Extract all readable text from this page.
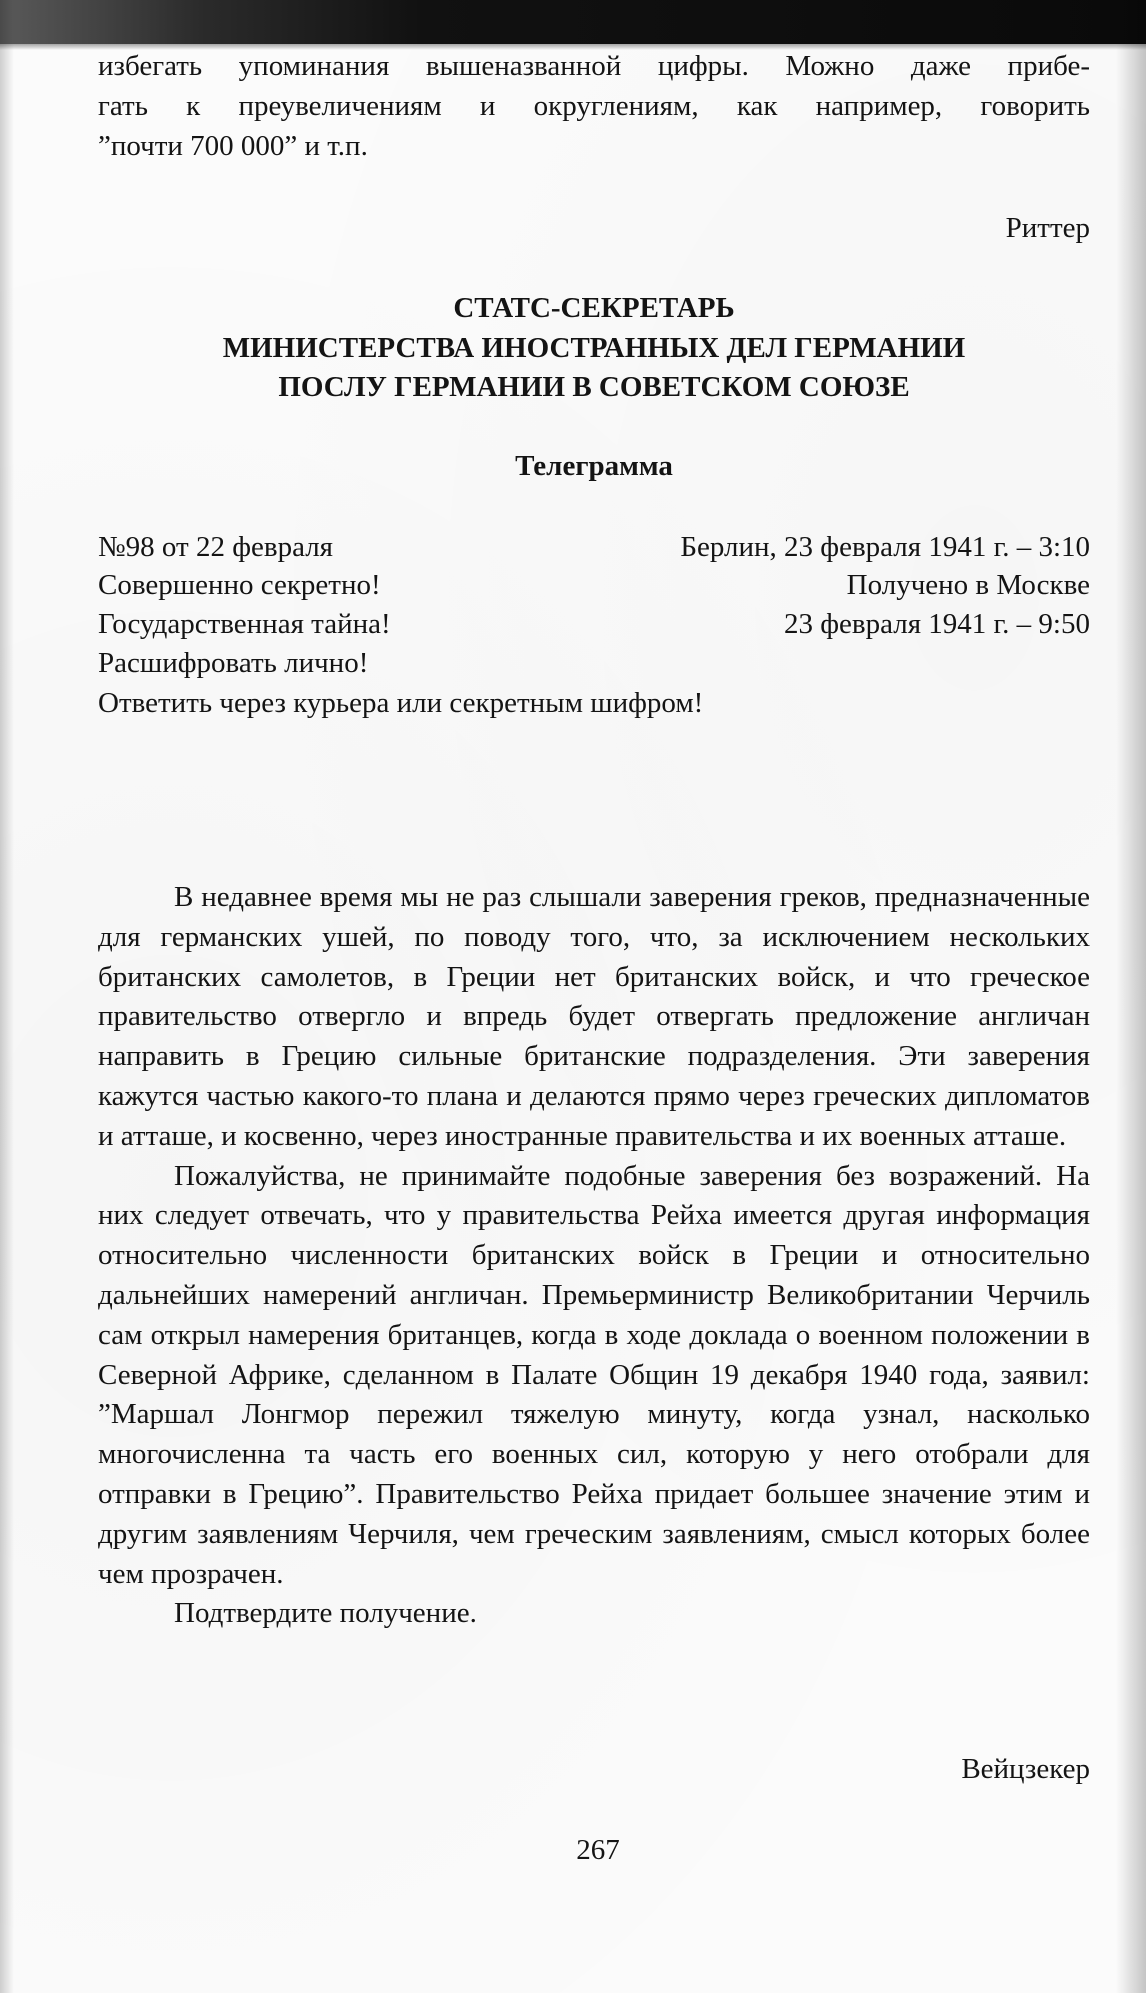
избегать упоминания вышеназванной цифры. Можно даже прибе-
гать к преувеличениям и округлениям, как например, говорить
”почти 700 000” и т.п.
Риттер
СТАТС-СЕКРЕТАРЬ
МИНИСТЕРСТВА ИНОСТРАННЫХ ДЕЛ ГЕРМАНИИ
ПОСЛУ ГЕРМАНИИ В СОВЕТСКОМ СОЮЗЕ
Телеграмма
№98 от 22 февраля
Совершенно секретно!
Государственная тайна!
Расшифровать лично!
Ответить через курьера или секретным шифром!
Берлин, 23 февраля 1941 г. – 3:10
Получено в Москве
23 февраля 1941 г. – 9:50

В недавнее время мы не раз слышали заверения греков, предназначенные для германских ушей, по поводу того, что, за исключением нескольких британских самолетов, в Греции нет британских войск, и что греческое правительство отвергло и впредь будет отвергать предложение англичан направить в Грецию сильные британские подразделения. Эти заверения кажутся частью какого-то плана и делаются прямо через греческих дипломатов и атташе, и косвенно, через иностранные правительства и их военных атташе.

Пожалуйства, не принимайте подобные заверения без возражений. На них следует отвечать, что у правительства Рейха имеется другая информация относительно численности британских войск в Греции и относительно дальнейших намерений англичан. Премьерминистр Великобритании Черчиль сам открыл намерения британцев, когда в ходе доклада о военном положении в Северной Африке, сделанном в Палате Общин 19 декабря 1940 года, заявил: ”Маршал Лонгмор пережил тяжелую минуту, когда узнал, насколько многочисленна та часть его военных сил, которую у него отобрали для отправки в Грецию”. Правительство Рейха придает большее значение этим и другим заявлениям Черчиля, чем греческим заявлениям, смысл которых более чем прозрачен.

Подтвердите получение.

Вейцзекер
267
